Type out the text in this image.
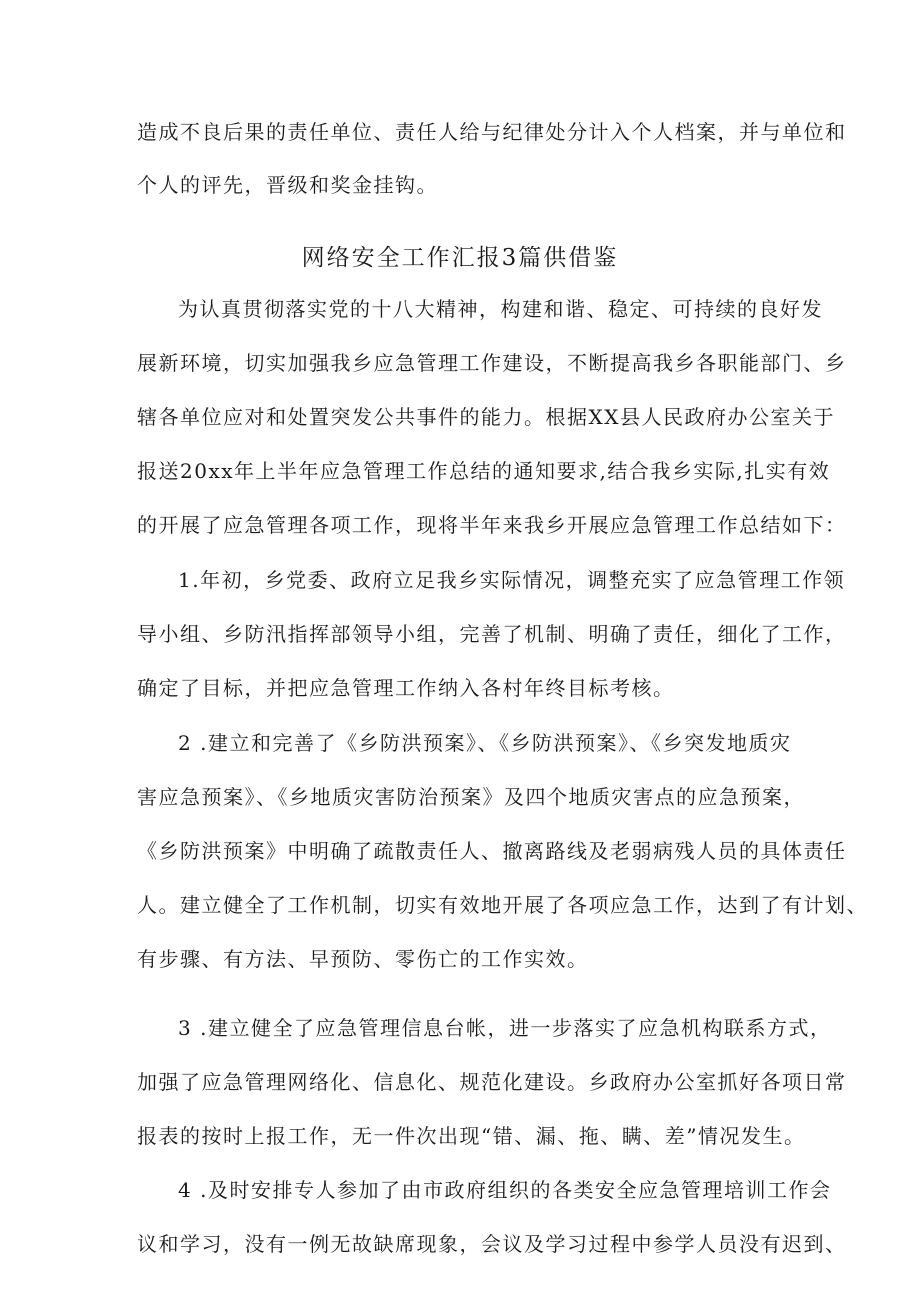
造成不良后果的责任单位、责任人给与纪律处分计入个人档案，并与单位和
个人的评先，晋级和奖金挂钩。
网络安全工作汇报3篇供借鉴
为认真贯彻落实党的十八大精神，构建和谐、稳定、可持续的良好发
展新环境，切实加强我乡应急管理工作建设，不断提高我乡各职能部门、乡
辖各单位应对和处置突发公共事件的能力。根据XX县人民政府办公室关于
报送20xx年上半年应急管理工作总结的通知要求,结合我乡实际,扎实有效
的开展了应急管理各项工作，现将半年来我乡开展应急管理工作总结如下：
1.年初，乡党委、政府立足我乡实际情况，调整充实了应急管理工作领
导小组、乡防汛指挥部领导小组，完善了机制、明确了责任，细化了工作，
确定了目标，并把应急管理工作纳入各村年终目标考核。
2 .建立和完善了《乡防洪预案》、《乡防洪预案》、《乡突发地质灾
害应急预案》、《乡地质灾害防治预案》及四个地质灾害点的应急预案，
《乡防洪预案》中明确了疏散责任人、撤离路线及老弱病残人员的具体责任
人。建立健全了工作机制，切实有效地开展了各项应急工作，达到了有计划、
有步骤、有方法、早预防、零伤亡的工作实效。
3 .建立健全了应急管理信息台帐，进一步落实了应急机构联系方式，
加强了应急管理网络化、信息化、规范化建设。乡政府办公室抓好各项日常
报表的按时上报工作，无一件次出现“错、漏、拖、瞒、差”情况发生。
4 .及时安排专人参加了由市政府组织的各类安全应急管理培训工作会
议和学习，没有一例无故缺席现象，会议及学习过程中参学人员没有迟到、
